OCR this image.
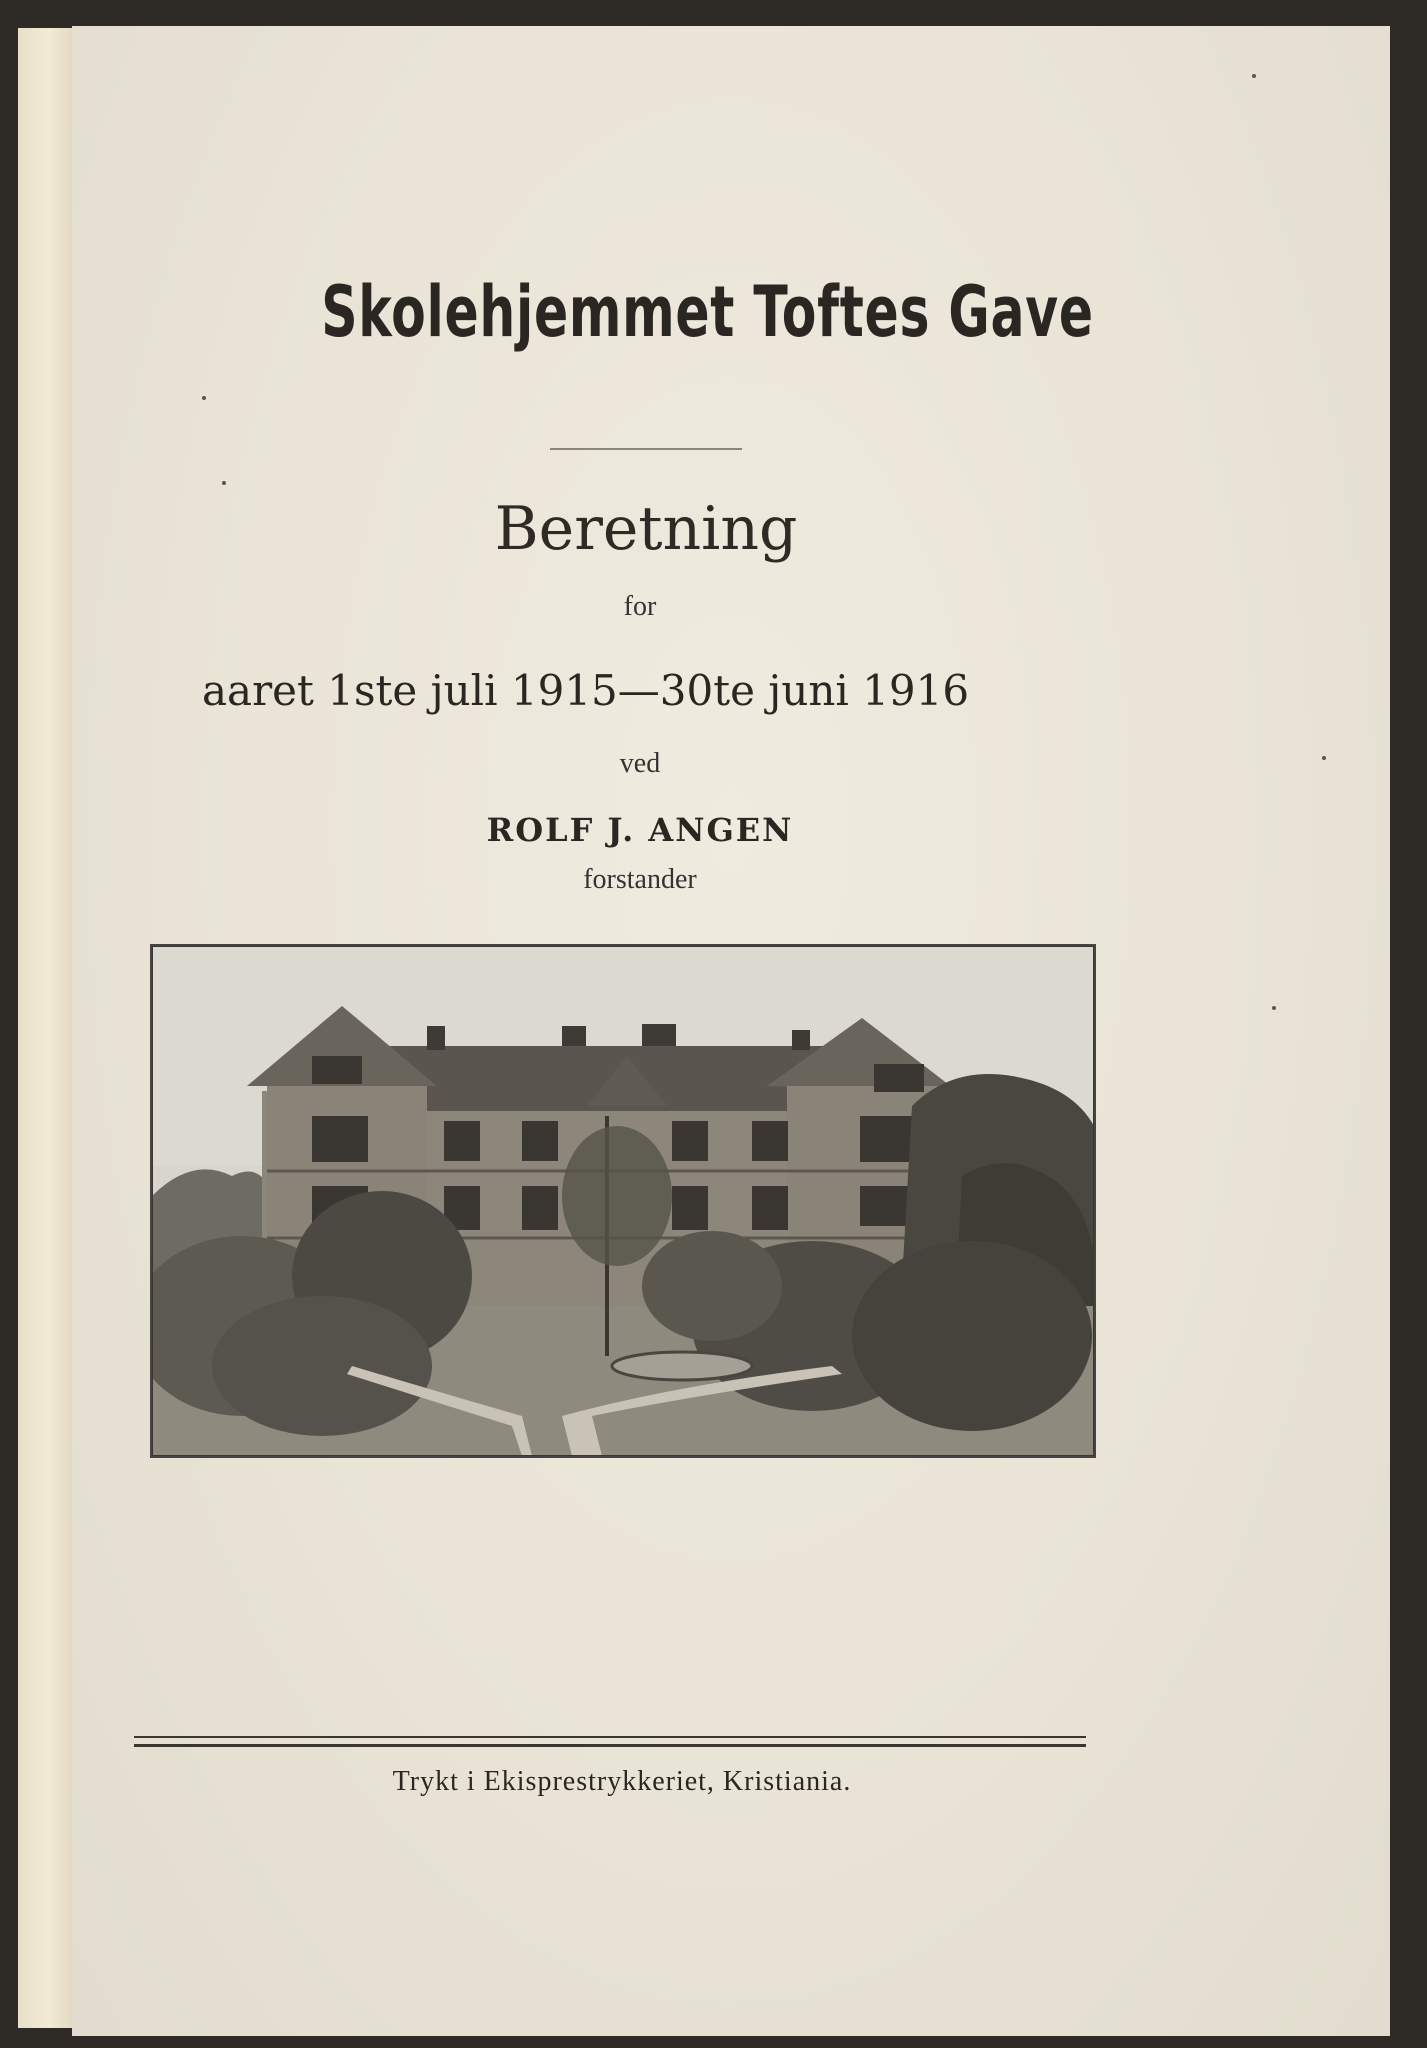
Skolehjemmet Toftes Gave
Beretning
for
aaret 1ste juli 1915—30te juni 1916
ved
ROLF J. ANGEN
forstander
Trykt i Ekisprestrykkeriet, Kristiania.
